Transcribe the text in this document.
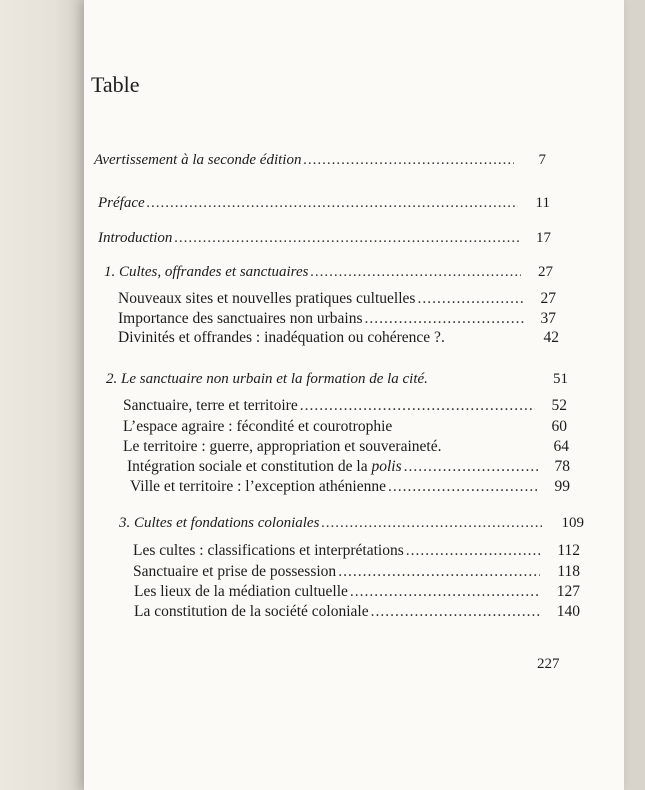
Table
Avertissement à la seconde édition .....	7
Préface .....	11
Introduction .....	17
1. Cultes, offrandes et sanctuaires .....	27
Nouveaux sites et nouvelles pratiques cultuelles .....	27
Importance des sanctuaires non urbains .....	37
Divinités et offrandes : inadéquation ou cohérence ?.	42
2. Le sanctuaire non urbain et la formation de la cité.	51
Sanctuaire, terre et territoire .....	52
L’espace agraire : fécondité et courotrophie	60
Le territoire : guerre, appropriation et souveraineté.	64
Intégration sociale et constitution de la polis .....	78
Ville et territoire : l’exception athénienne .....	99
3. Cultes et fondations coloniales .....	109
Les cultes : classifications et interprétations .....	112
Sanctuaire et prise de possession .....	118
Les lieux de la médiation cultuelle .....	127
La constitution de la société coloniale .....	140
227
